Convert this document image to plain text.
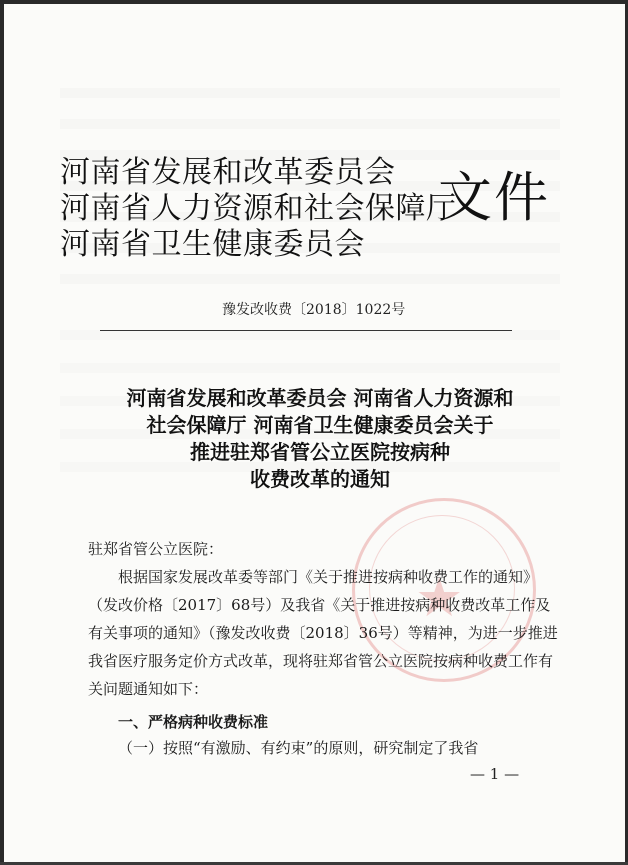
★
河南省发展和改革委员会
河南省人力资源和社会保障厅
河南省卫生健康委员会
文件
豫发改收费〔2018〕1022号
河南省发展和改革委员会 河南省人力资源和
社会保障厅 河南省卫生健康委员会关于
推进驻郑省管公立医院按病种
收费改革的通知
驻郑省管公立医院：
根据国家发展改革委等部门《关于推进按病种收费工作的通知》（发改价格〔2017〕68号）及我省《关于推进按病种收费改革工作及有关事项的通知》（豫发改收费〔2018〕36号）等精神，为进一步推进我省医疗服务定价方式改革，现将驻郑省管公立医院按病种收费工作有关问题通知如下：
一、严格病种收费标准
（一）按照“有激励、有约束”的原则，研究制定了我省
— 1 —
